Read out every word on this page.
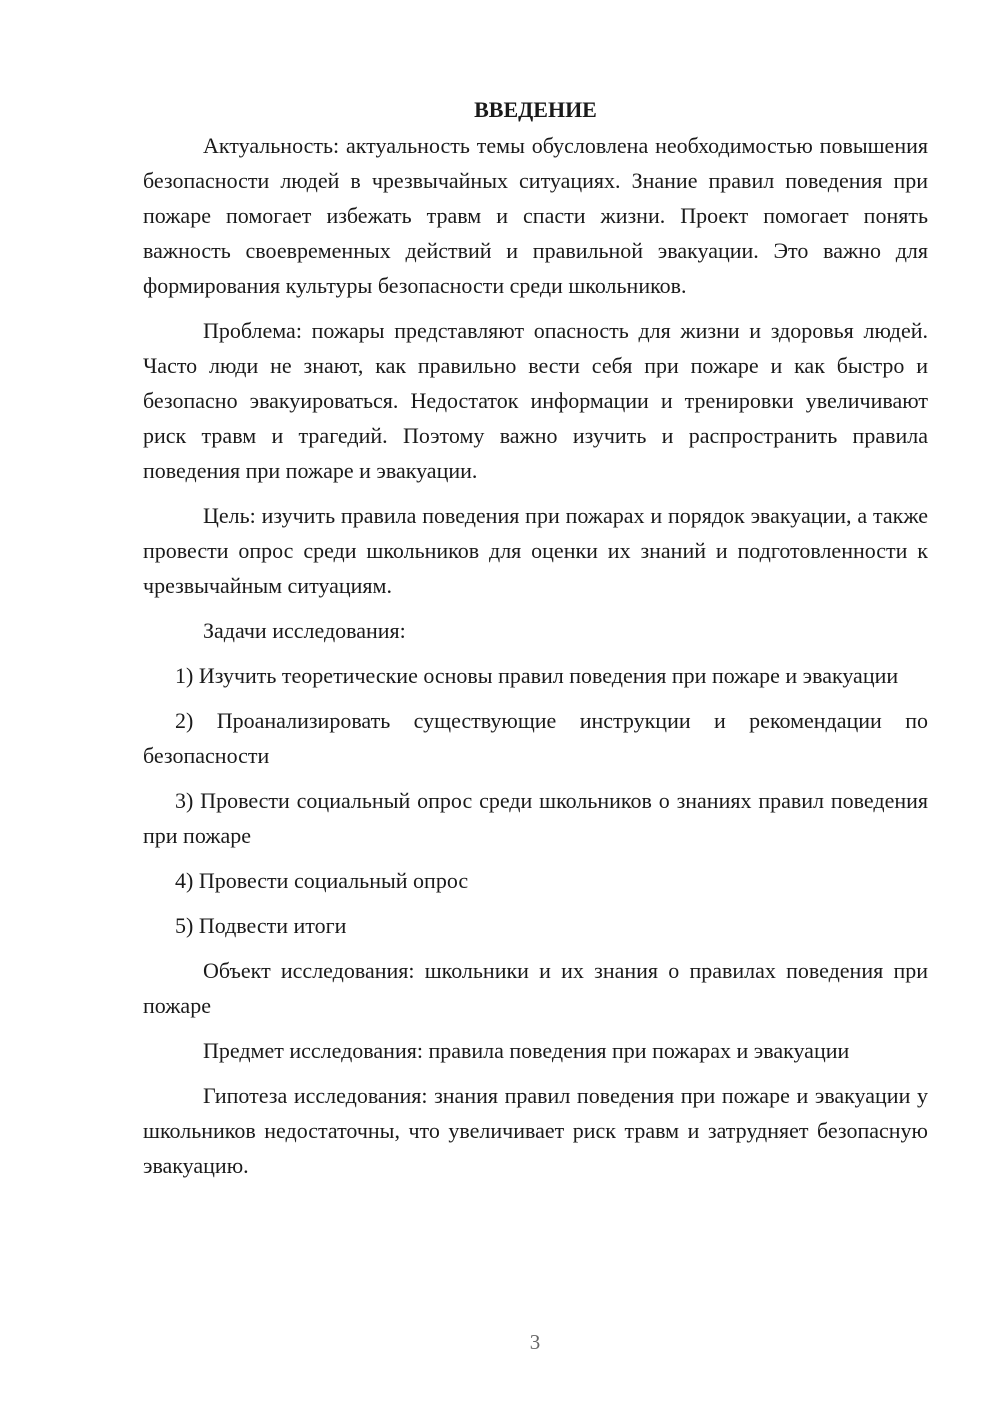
ВВЕДЕНИЕ

Актуальность: актуальность темы обусловлена необходимостью повышения безопасности людей в чрезвычайных ситуациях. Знание правил поведения при пожаре помогает избежать травм и спасти жизни. Проект помогает понять важность своевременных действий и правильной эвакуации. Это важно для формирования культуры безопасности среди школьников.

Проблема: пожары представляют опасность для жизни и здоровья людей. Часто люди не знают, как правильно вести себя при пожаре и как быстро и безопасно эвакуироваться. Недостаток информации и тренировки увеличивают риск травм и трагедий. Поэтому важно изучить и распространить правила поведения при пожаре и эвакуации.

Цель: изучить правила поведения при пожарах и порядок эвакуации, а также провести опрос среди школьников для оценки их знаний и подготовленности к чрезвычайным ситуациям.

Задачи исследования:

1) Изучить теоретические основы правил поведения при пожаре и эвакуации

2) Проанализировать существующие инструкции и рекомендации по безопасности

3) Провести социальный опрос среди школьников о знаниях правил поведения при пожаре

4) Провести социальный опрос

5) Подвести итоги

Объект исследования: школьники и их знания о правилах поведения при пожаре

Предмет исследования: правила поведения при пожарах и эвакуации

Гипотеза исследования: знания правил поведения при пожаре и эвакуации у школьников недостаточны, что увеличивает риск травм и затрудняет безопасную эвакуацию.

3
